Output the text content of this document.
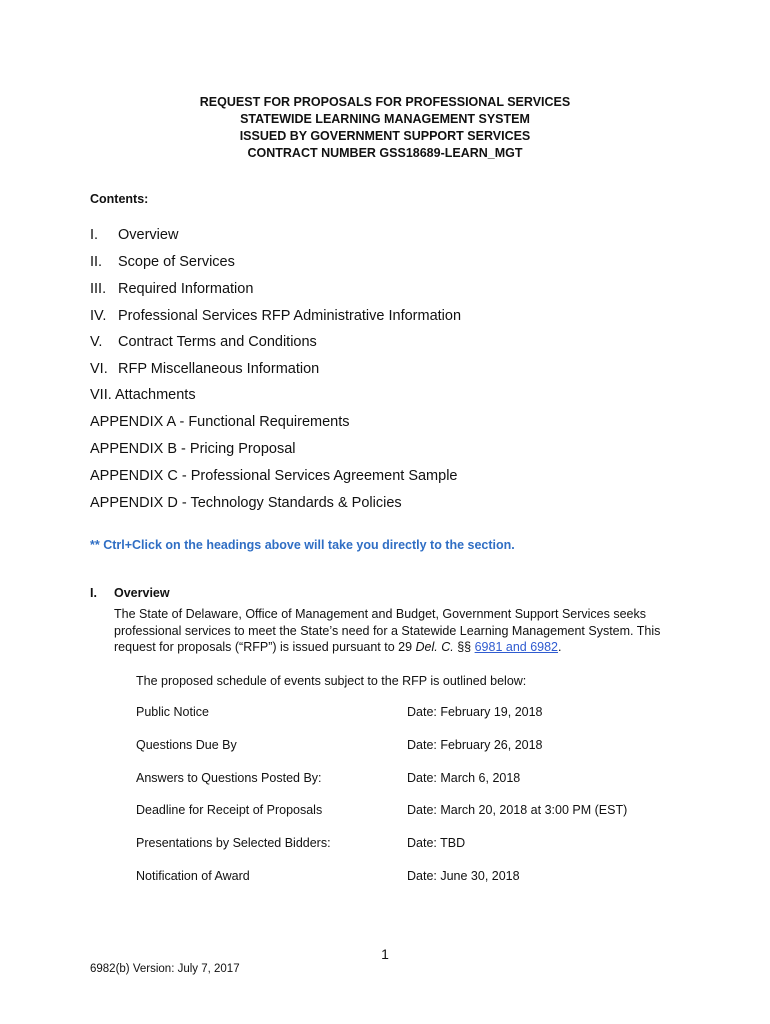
REQUEST FOR PROPOSALS FOR PROFESSIONAL SERVICES
STATEWIDE LEARNING MANAGEMENT SYSTEM
ISSUED BY GOVERNMENT SUPPORT SERVICES
CONTRACT NUMBER GSS18689-LEARN_MGT
Contents:
I. Overview
II. Scope of Services
III. Required Information
IV. Professional Services RFP Administrative Information
V. Contract Terms and Conditions
VI. RFP Miscellaneous Information
VII. Attachments
APPENDIX A - Functional Requirements
APPENDIX B - Pricing Proposal
APPENDIX C - Professional Services Agreement Sample
APPENDIX D - Technology Standards & Policies
** Ctrl+Click on the headings above will take you directly to the section.
I. Overview
The State of Delaware, Office of Management and Budget, Government Support Services seeks professional services to meet the State’s need for a Statewide Learning Management System. This request for proposals (“RFP”) is issued pursuant to 29 Del. C. §§ 6981 and 6982.
The proposed schedule of events subject to the RFP is outlined below:
Public Notice	Date: February 19, 2018
Questions Due By	Date: February 26, 2018
Answers to Questions Posted By:	Date: March 6, 2018
Deadline for Receipt of Proposals	Date: March 20, 2018 at 3:00 PM (EST)
Presentations by Selected Bidders:	Date: TBD
Notification of Award	Date: June 30, 2018
1
6982(b) Version: July 7, 2017
